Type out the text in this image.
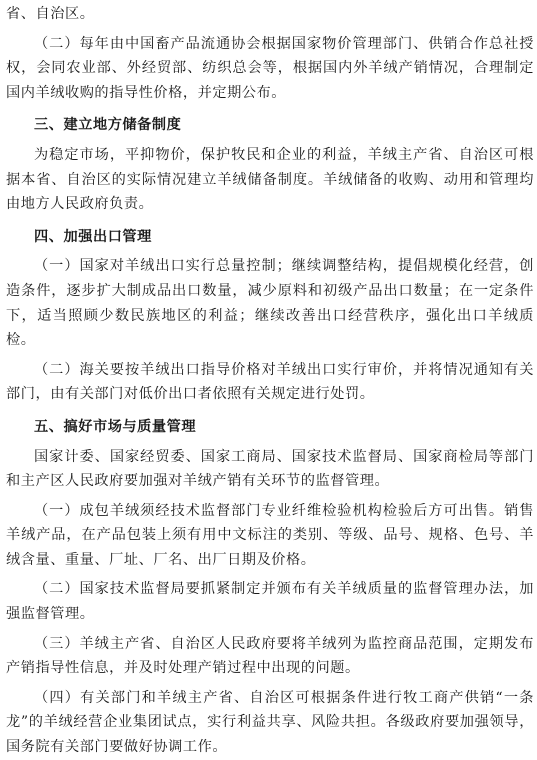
省、自治区。

（二）每年由中国畜产品流通协会根据国家物价管理部门、供销合作总社授权，会同农业部、外经贸部、纺织总会等，根据国内外羊绒产销情况，合理制定国内羊绒收购的指导性价格，并定期公布。

三、建立地方储备制度

为稳定市场，平抑物价，保护牧民和企业的利益，羊绒主产省、自治区可根据本省、自治区的实际情况建立羊绒储备制度。羊绒储备的收购、动用和管理均由地方人民政府负责。

四、加强出口管理

（一）国家对羊绒出口实行总量控制；继续调整结构，提倡规模化经营，创造条件，逐步扩大制成品出口数量，减少原料和初级产品出口数量；在一定条件下，适当照顾少数民族地区的利益；继续改善出口经营秩序，强化出口羊绒质检。

（二）海关要按羊绒出口指导价格对羊绒出口实行审价，并将情况通知有关部门，由有关部门对低价出口者依照有关规定进行处罚。

五、搞好市场与质量管理

国家计委、国家经贸委、国家工商局、国家技术监督局、国家商检局等部门和主产区人民政府要加强对羊绒产销有关环节的监督管理。

（一）成包羊绒须经技术监督部门专业纤维检验机构检验后方可出售。销售羊绒产品，在产品包装上须有用中文标注的类别、等级、品号、规格、色号、羊绒含量、重量、厂址、厂名、出厂日期及价格。

（二）国家技术监督局要抓紧制定并颁布有关羊绒质量的监督管理办法，加强监督管理。

（三）羊绒主产省、自治区人民政府要将羊绒列为监控商品范围，定期发布产销指导性信息，并及时处理产销过程中出现的问题。

（四）有关部门和羊绒主产省、自治区可根据条件进行牧工商产供销“一条龙”的羊绒经营企业集团试点，实行利益共享、风险共担。各级政府要加强领导，国务院有关部门要做好协调工作。
